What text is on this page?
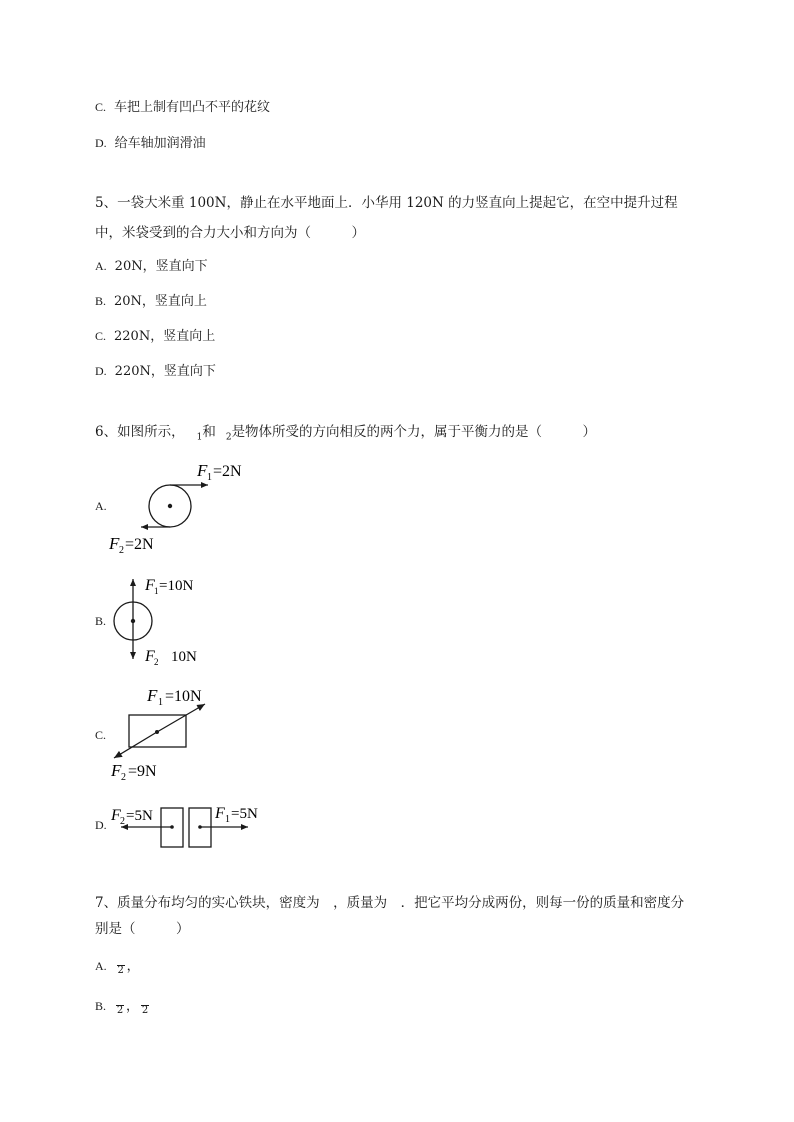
C. 车把上制有凹凸不平的花纹
D. 给车轴加润滑油
5、一袋大米重 100N，静止在水平地面上．小华用 120N 的力竖直向上提起它，在空中提升过程
中，米袋受到的合力大小和方向为（　　　）
A. 20N，竖直向下
B. 20N，竖直向上
C. 220N，竖直向上
D. 220N，竖直向下
6、如图所示， $_1$和 $_2$是物体所受的方向相反的两个力，属于平衡力的是（　　　）
A.
F 1 =2N
F 2 =2N
B.
F 1 =10N
F 2 10N
C.
F 1 =10N
F 2 =9N
D.
F 2 =5N	F 1 =5N
7、质量分布均匀的实心铁块，密度为　，质量为　．把它平均分成两份，则每一份的质量和密度分
别是（　　　）
A. 2 ，
B. 2 ， 2
